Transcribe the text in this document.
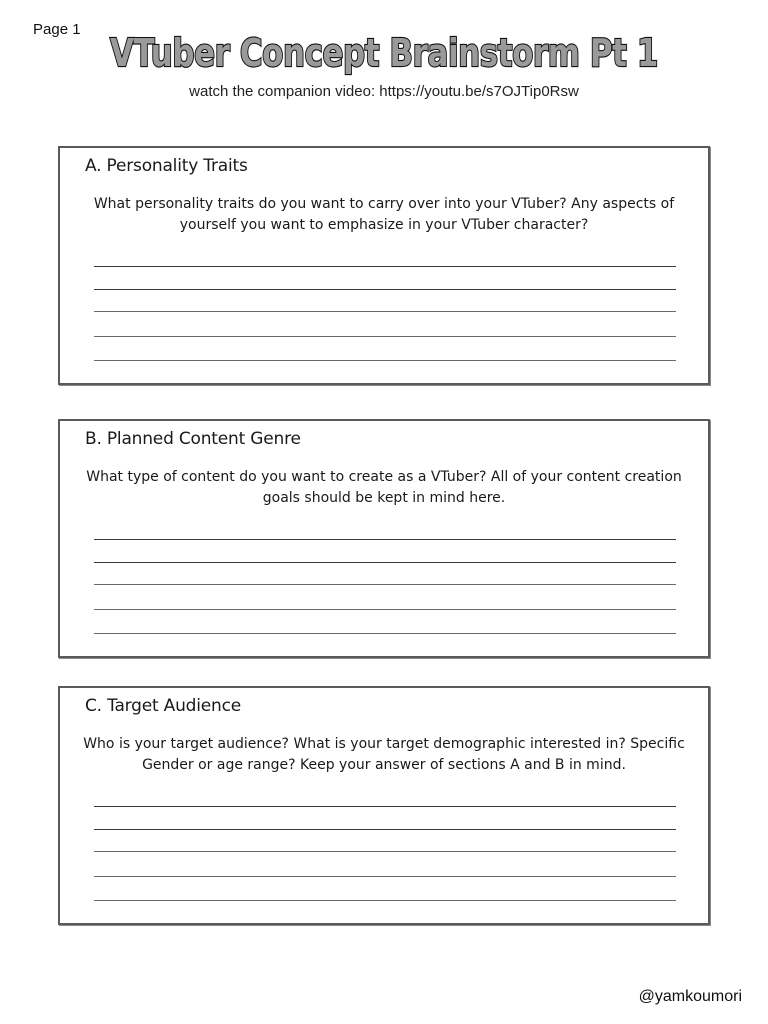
Page 1
VTuber Concept Brainstorm Pt 1
watch the companion video: https://youtu.be/s7OJTip0Rsw
A. Personality Traits
What personality traits do you want to carry over into your VTuber? Any aspects of yourself you want to emphasize in your VTuber character?
B. Planned Content Genre
What type of content do you want to create as a VTuber? All of your content creation goals should be kept in mind here.
C. Target Audience
Who is your target audience? What is your target demographic interested in? Specific Gender or age range? Keep your answer of sections A and B in mind.
@yamkoumori
